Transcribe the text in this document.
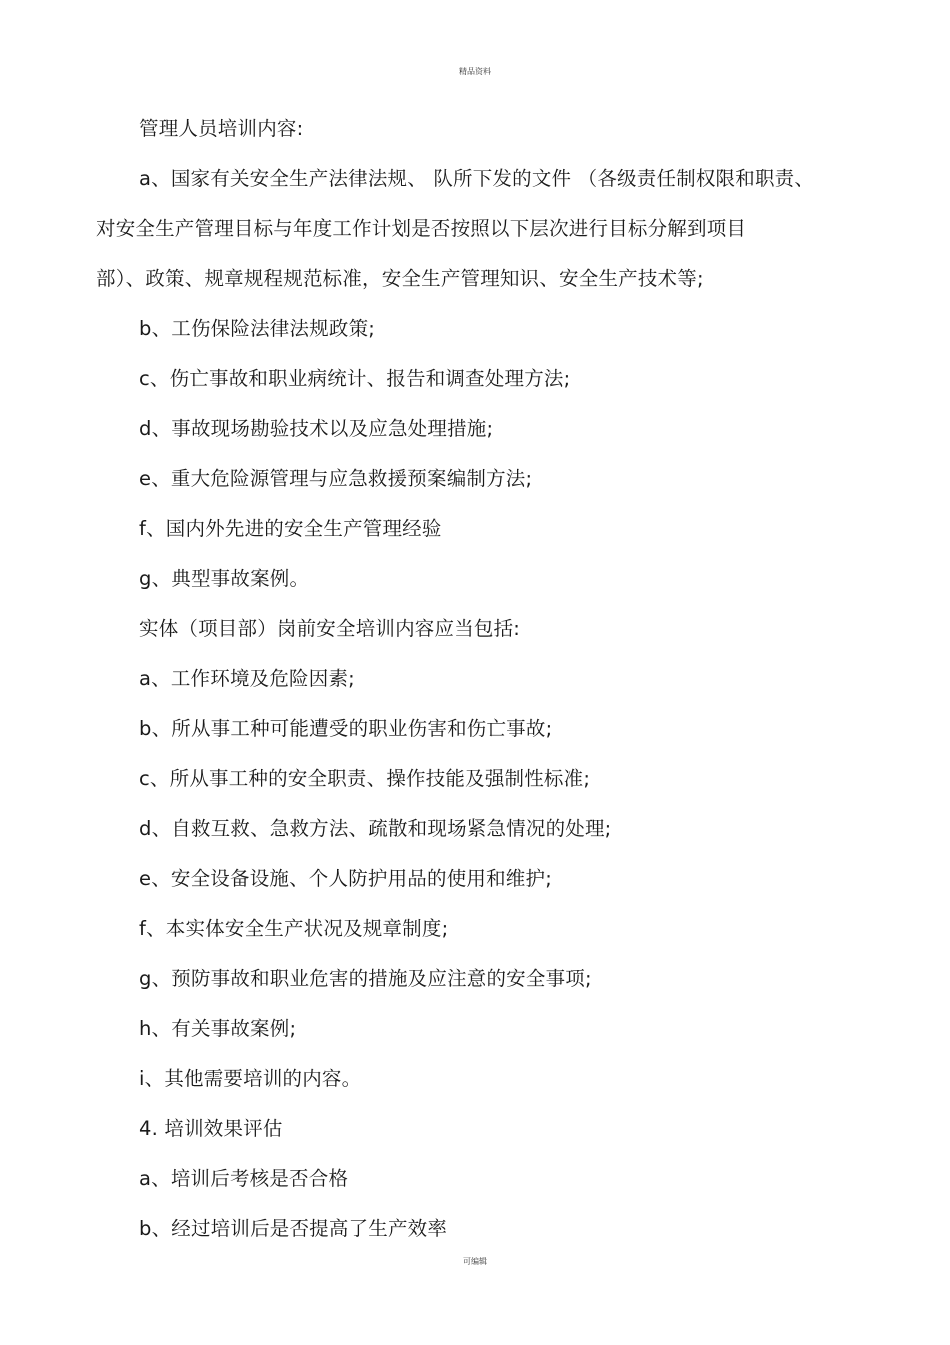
精品资料
管理人员培训内容:
a、国家有关安全生产法律法规、 队所下发的文件 （各级责任制权限和职责、
对安全生产管理目标与年度工作计划是否按照以下层次进行目标分解到项目
部）、政策、规章规程规范标准，安全生产管理知识、安全生产技术等;
b、工伤保险法律法规政策;
c、伤亡事故和职业病统计、报告和调查处理方法;
d、事故现场勘验技术以及应急处理措施;
e、重大危险源管理与应急救援预案编制方法;
f、国内外先进的安全生产管理经验
g、典型事故案例。
实体（项目部）岗前安全培训内容应当包括:
a、工作环境及危险因素;
b、所从事工种可能遭受的职业伤害和伤亡事故;
c、所从事工种的安全职责、操作技能及强制性标准;
d、自救互救、急救方法、疏散和现场紧急情况的处理;
e、安全设备设施、个人防护用品的使用和维护;
f、本实体安全生产状况及规章制度;
g、预防事故和职业危害的措施及应注意的安全事项;
h、有关事故案例;
i、其他需要培训的内容。
4. 培训效果评估
a、培训后考核是否合格
b、经过培训后是否提高了生产效率
可编辑
